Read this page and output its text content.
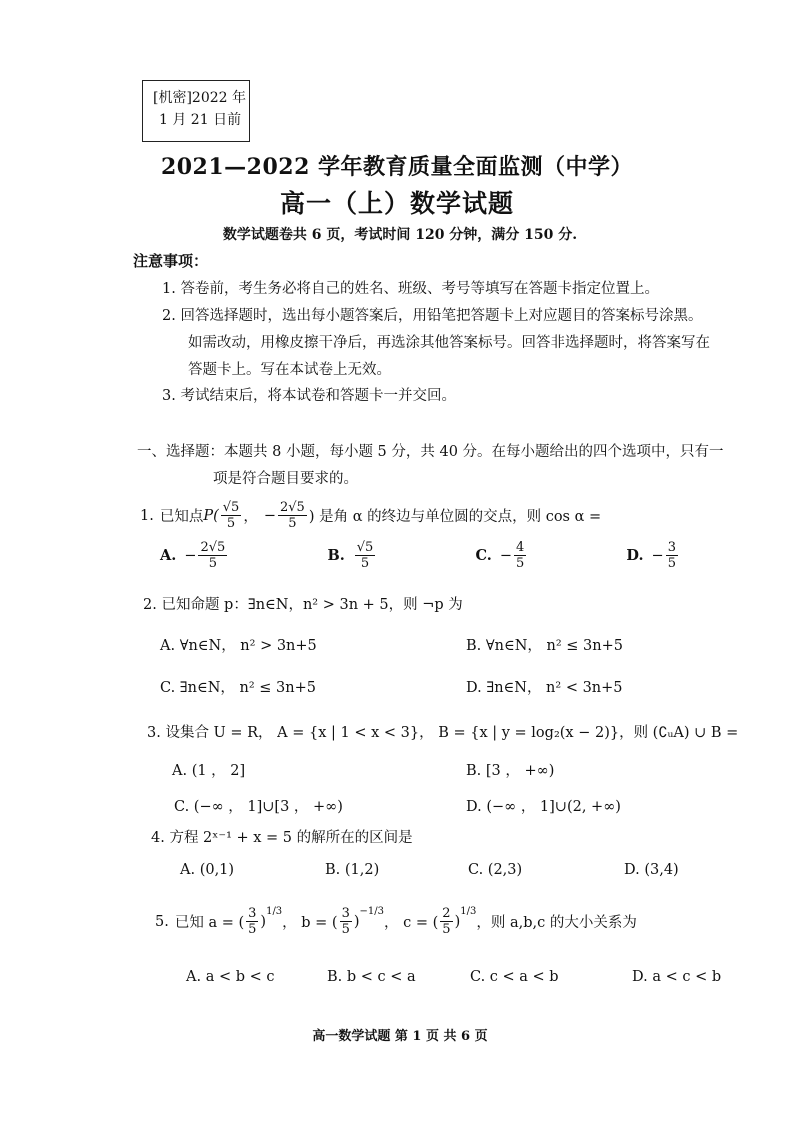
[机密]2022 年
1 月 21 日前
2021—2022 学年教育质量全面监测（中学）
高一（上）数学试题
数学试题卷共 6 页，考试时间 120 分钟，满分 150 分.
注意事项：
1. 答卷前，考生务必将自己的姓名、班级、考号等填写在答题卡指定位置上。
2. 回答选择题时，选出每小题答案后，用铅笔把答题卡上对应题目的答案标号涂黑。
如需改动，用橡皮擦干净后，再选涂其他答案标号。回答非选择题时，将答案写在
答题卡上。写在本试卷上无效。
3. 考试结束后，将本试卷和答题卡一并交回。
一、选择题：本题共 8 小题，每小题 5 分，共 40 分。在每小题给出的四个选项中，只有一
项是符合题目要求的。
1. 已知点 $P( \frac{√5}{5}$ ， − $\frac{2√5}{5}$ ) 是角 α 的终边与单位圆的交点，则 cos α =
A. − $\frac{2√5}{5}$	B. $\frac{√5}{5}$	C. − $\frac{4}{5}$	D. − $\frac{3}{5}$
2. 已知命题 p：∃n∈N，n² > 3n + 5，则 ¬p 为
A. ∀n∈N， n² > 3n+5	B. ∀n∈N， n² ≤ 3n+5
C. ∃n∈N， n² ≤ 3n+5	D. ∃n∈N， n² < 3n+5
3. 设集合 U = R， A = {x | 1 < x < 3}， B = {x | y = log₂(x − 2)}，则 (∁ᵤA) ∪ B =
A. (1 ， 2]	B. [3 ， +∞)
C. (−∞ ， 1]∪[3 ， +∞)	D. (−∞ ， 1]∪(2, +∞)
4. 方程 2ˣ⁻¹ + x = 5 的解所在的区间是
A. (0,1)	B. (1,2)	C. (2,3)	D. (3,4)
5. 已知 a = ( $\frac{3}{5}$ )
$^{1/3}$
， b = ( $\frac{3}{5}$ )
$^{-1/3}$
， c = ( $\frac{2}{5}$ )
$^{1/3}$
，则 a,b,c 的大小关系为
A. a < b < c	B. b < c < a	C. c < a < b	D. a < c < b
高一数学试题 第 1 页 共 6 页
